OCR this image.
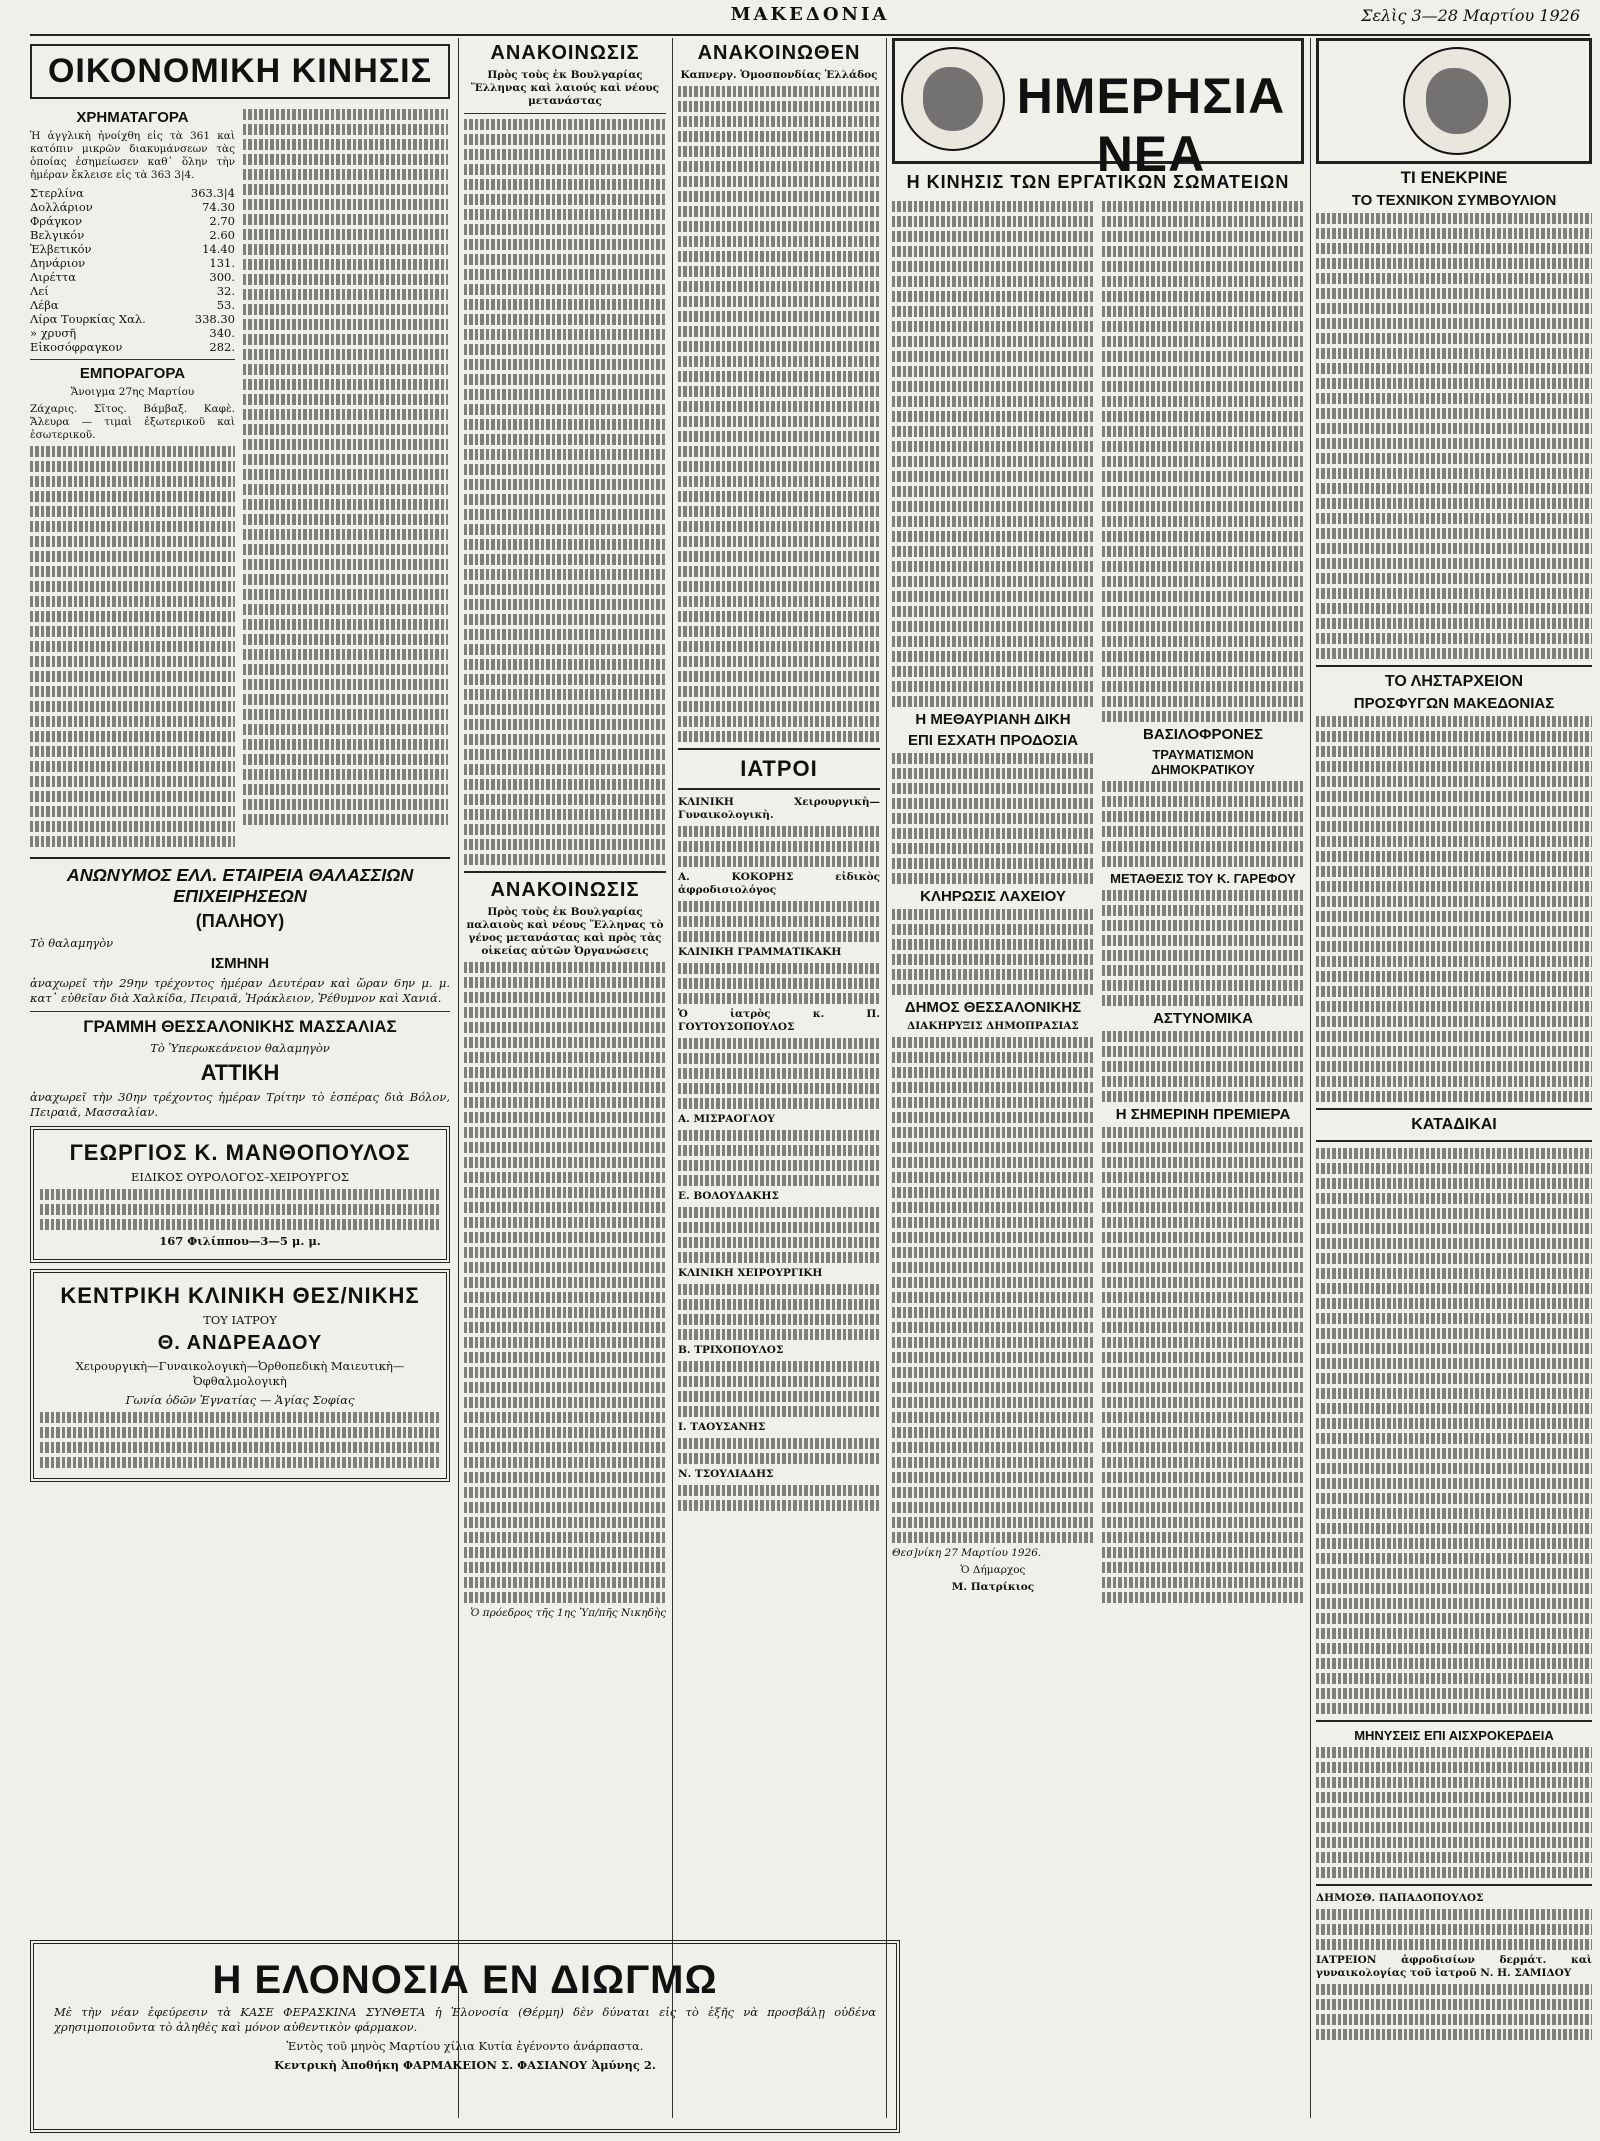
ΜΑΚΕΔΟΝΙΑ	Σελὶς 3—28 Μαρτίου 1926
ΟΙΚΟΝΟΜΙΚΗ ΚΙΝΗΣΙΣ
ΧΡΗΜΑΤΑΓΟΡΑ

Ἡ ἀγγλικὴ ἠνοίχθη εἰς τὰ 361 καὶ κατόπιν μικρῶν διακυμάνσεων τὰς ὁποίας ἐσημείωσεν καθ᾽ ὅλην τὴν ἡμέραν ἔκλεισε εἰς τὰ 363 3|4.

Στερλίνα	363.3|4
Δολλάριον	74.30
Φράγκον	2.70
Βελγικόν	2.60
Ἑλβετικόν	14.40
Δηνάριον	131.
Λιρέττα	300.
Λεί	32.
Λέβα	53.
Λίρα Τουρκίας Χαλ.	338.30
» χρυσῆ	340.
Εἰκοσόφραγκον	282.
ΕΜΠΟΡΑΓΟΡΑ

Ἄνοιγμα 27ης Μαρτίου

Ζάχαρις. Σῖτος. Βάμβαξ. Καφὲ. Ἄλευρα — τιμαὶ ἐξωτερικοῦ καὶ ἐσωτερικοῦ.

ΑΝΩΝΥΜΟΣ ΕΛΛ. ΕΤΑΙΡΕΙΑ ΘΑΛΑΣΣΙΩΝ ΕΠΙΧΕΙΡΗΣΕΩΝ
(ΠΑΛΗΟΥ)

Τὸ θαλαμηγὸν

ΙΣΜΗΝΗ

ἀναχωρεῖ τὴν 29ην τρέχοντος ἡμέραν Δευτέραν καὶ ὥραν 6ην μ. μ. κατ᾽ εὐθεῖαν διὰ Χαλκίδα, Πειραιᾶ, Ἡράκλειον, Ῥέθυμνον καὶ Χανιά.

ΓΡΑΜΜΗ ΘΕΣΣΑΛΟΝΙΚΗΣ ΜΑΣΣΑΛΙΑΣ

Τὸ Ὑπερωκεάνειον θαλαμηγὸν

ΑΤΤΙΚΗ

ἀναχωρεῖ τὴν 30ην τρέχοντος ἡμέραν Τρίτην τὸ ἑσπέρας διὰ Βόλον, Πειραιᾶ, Μασσαλίαν.

ΓΕΩΡΓΙΟΣ Κ. ΜΑΝΘΟΠΟΥΛΟΣ

ΕΙΔΙΚΟΣ ΟΥΡΟΛΟΓΟΣ–ΧΕΙΡΟΥΡΓΟΣ

167 Φιλίππου—3—5 μ. μ.

ΚΕΝΤΡΙΚΗ ΚΛΙΝΙΚΗ ΘΕΣ/ΝΙΚΗΣ

ΤΟΥ ΙΑΤΡΟΥ

Θ. ΑΝΔΡΕΑΔΟΥ

Χειρουργικὴ—Γυναικολογικὴ—Ὀρθοπεδικὴ Μαιευτικὴ—Ὀφθαλμολογικὴ

Γωνία ὁδῶν Ἐγνατίας — Ἁγίας Σοφίας

ΑΝΑΚΟΙΝΩΣΙΣ

Πρὸς τοὺς ἐκ Βουλγαρίας Ἕλληνας καὶ λαιούς καὶ νέους μετανάστας

ΑΝΑΚΟΙΝΩΣΙΣ

Πρὸς τοὺς ἐκ Βουλγαρίας παλαιοὺς καὶ νέους Ἕλληνας τὸ γένος μετανάστας καὶ πρὸς τὰς οἰκείας αὐτῶν Ὀργανώσεις

Ὁ πρόεδρος τῆς 1ης Ὑπ/πῆς Νικηδὴς

ΑΝΑΚΟΙΝΩΘΕΝ

Καπνεργ. Ὁμοσπονδίας Ἑλλάδος

ΙΑΤΡΟΙ

ΚΛΙΝΙΚΗ Χειρουργικὴ—Γυναικολογικὴ.

Α. ΚΟΚΟΡΗΣ εἰδικὸς ἀφροδισιολόγος

ΚΛΙΝΙΚΗ ΓΡΑΜΜΑΤΙΚΑΚΗ

Ὁ ἰατρὸς κ. Π. ΓΟΥΤΟΥΣΟΠΟΥΛΟΣ

Α. ΜΙΣΡΑΟΓΛΟΥ

Ε. ΒΟΛΟΥΔΑΚΗΣ

ΚΛΙΝΙΚΗ ΧΕΙΡΟΥΡΓΙΚΗ

Β. ΤΡΙΧΟΠΟΥΛΟΣ

Ι. ΤΑΟΥΣΑΝΗΣ

Ν. ΤΣΟΥΛΙΑΔΗΣ

ΗΜΕΡΗΣΙΑ ΝΕΑ
Η ΚΙΝΗΣΙΣ ΤΩΝ ΕΡΓΑΤΙΚΩΝ ΣΩΜΑΤΕΙΩΝ
Η ΜΕΘΑΥΡΙΑΝΗ ΔΙΚΗ
ΕΠΙ ΕΣΧΑΤΗ ΠΡΟΔΟΣΙΑ
ΚΛΗΡΩΣΙΣ ΛΑΧΕΙΟΥ
ΔΗΜΟΣ ΘΕΣΣΑΛΟΝΙΚΗΣ

ΔΙΑΚΗΡΥΞΙΣ ΔΗΜΟΠΡΑΣΙΑΣ

Θεσ]νίκη 27 Μαρτίου 1926.

Ὁ Δήμαρχος

Μ. Πατρίκιος

ΒΑΣΙΛΟΦΡΟΝΕΣ
ΤΡΑΥΜΑΤΙΣΜΟΝ ΔΗΜΟΚΡΑΤΙΚΟΥ
ΜΕΤΑΘΕΣΙΣ ΤΟΥ Κ. ΓΑΡΕΦΟΥ
ΑΣΤΥΝΟΜΙΚΑ
Η ΣΗΜΕΡΙΝΗ ΠΡΕΜΙΕΡΑ
ΤΙ ΕΝΕΚΡΙΝΕ
ΤΟ ΤΕΧΝΙΚΟΝ ΣΥΜΒΟΥΛΙΟΝ
ΤΟ ΛΗΣΤΑΡΧΕΙΟΝ
ΠΡΟΣΦΥΓΩΝ ΜΑΚΕΔΟΝΙΑΣ
ΚΑΤΑΔΙΚΑΙ
ΜΗΝΥΣΕΙΣ ΕΠΙ ΑΙΣΧΡΟΚΕΡΔΕΙΑ

ΔΗΜΟΣΘ. ΠΑΠΑΔΟΠΟΥΛΟΣ

ΙΑΤΡΕΙΟΝ ἀφροδισίων δερμάτ. καὶ γυναικολογίας τοῦ ἰατροῦ Ν. Η. ΣΑΜΙΔΟΥ

Η ΕΛΟΝΟΣΙΑ ΕΝ ΔΙΩΓΜΩ

Μὲ τὴν νέαν ἐφεύρεσιν τὰ ΚΑΣΕ ΦΕΡΑΣΚΙΝΑ ΣΥΝΘΕΤΑ ἡ Ἑλονοσία (Θέρμη) δὲν δύναται εἰς τὸ ἑξῆς νὰ προσβάλῃ οὐδένα χρησιμοποιοῦντα τὸ ἀληθὲς καὶ μόνον αὐθεντικὸν φάρμακον.

Ἐντὸς τοῦ μηνὸς Μαρτίου χίλια Κυτία ἐγένοντο ἀνάρπαστα.

Κεντρικὴ Ἀποθήκη ΦΑΡΜΑΚΕΙΟΝ Σ. ΦΑΣΙΑΝΟΥ Ἀμύνης 2.
